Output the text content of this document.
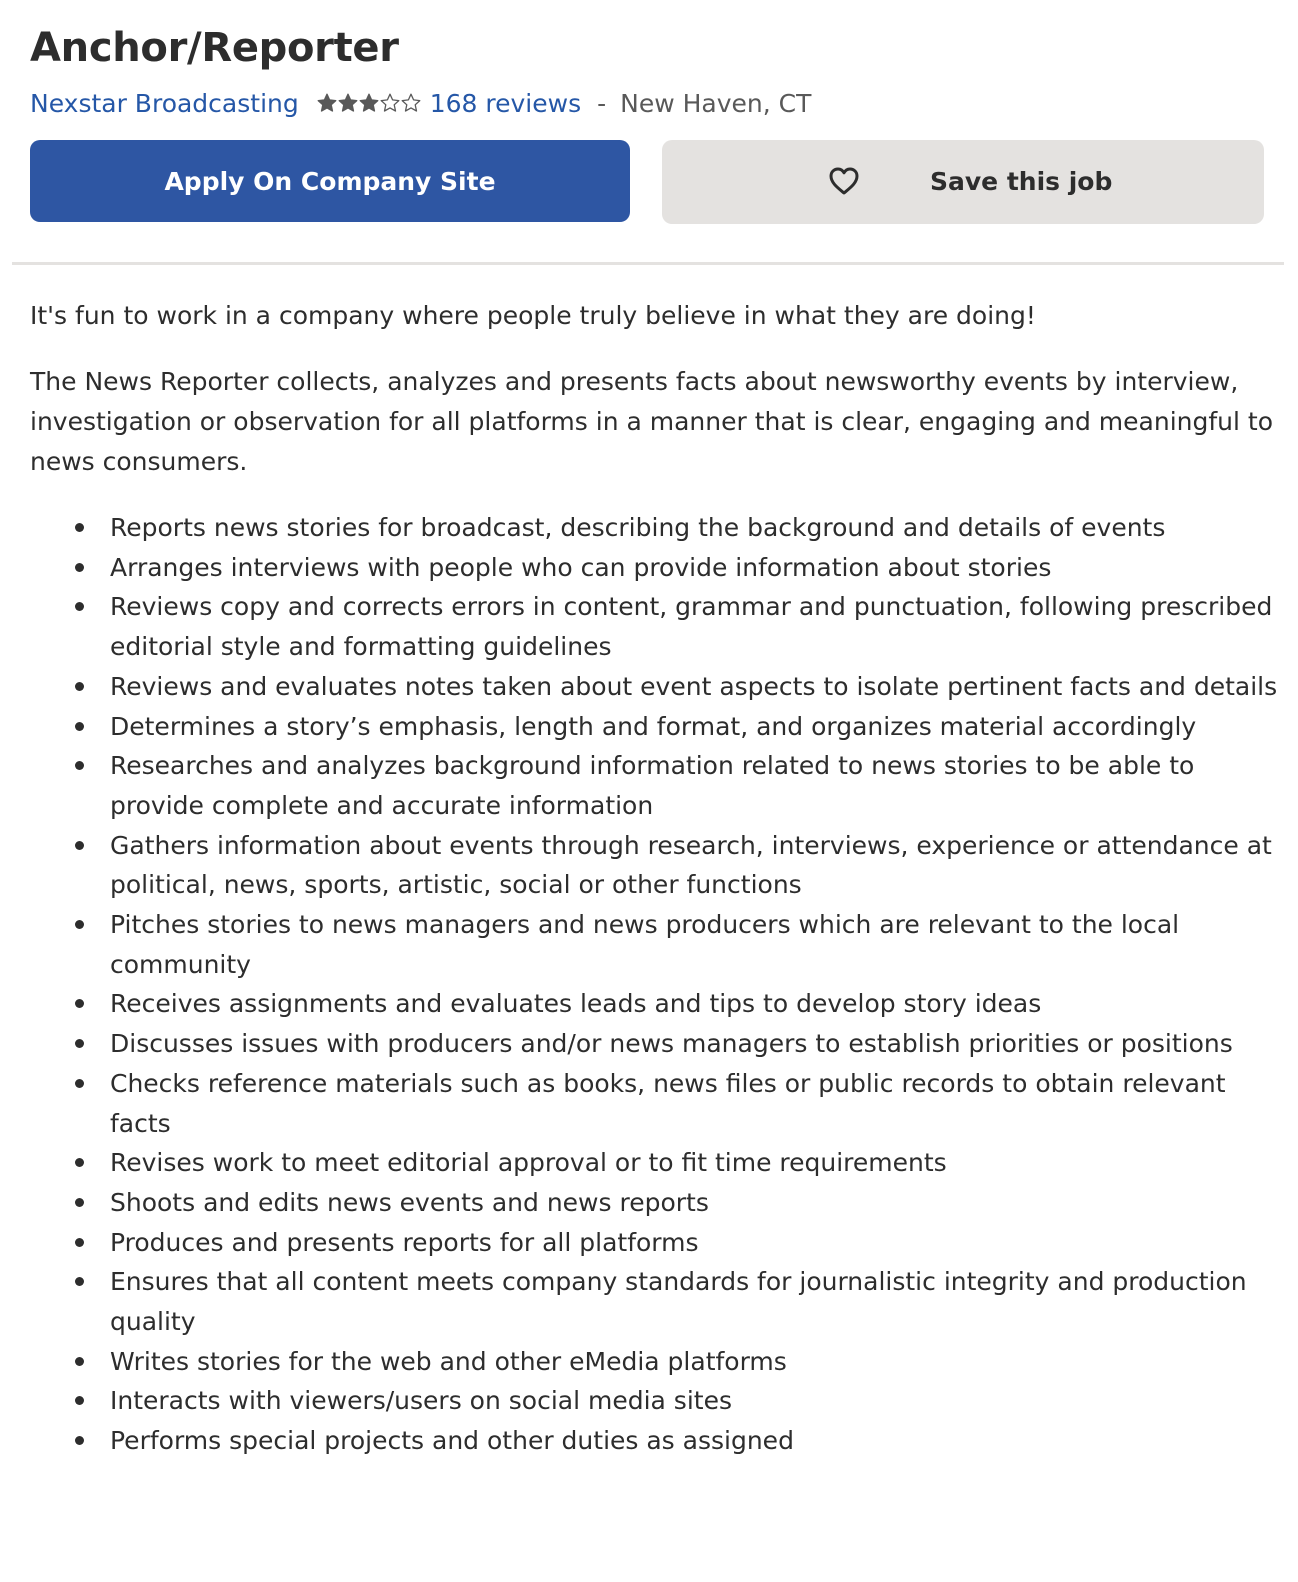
Anchor/Reporter
Nexstar Broadcasting	168 reviews - New Haven, CT
Apply On Company Site	Save this job

It's fun to work in a company where people truly believe in what they are doing!

The News Reporter collects, analyzes and presents facts about newsworthy events by interview, investigation or observation for all platforms in a manner that is clear, engaging and meaningful to news consumers.

Reports news stories for broadcast, describing the background and details of events
Arranges interviews with people who can provide information about stories
Reviews copy and corrects errors in content, grammar and punctuation, following prescribed editorial style and formatting guidelines
Reviews and evaluates notes taken about event aspects to isolate pertinent facts and details
Determines a story’s emphasis, length and format, and organizes material accordingly
Researches and analyzes background information related to news stories to be able to provide complete and accurate information
Gathers information about events through research, interviews, experience or attendance at political, news, sports, artistic, social or other functions
Pitches stories to news managers and news producers which are relevant to the local community
Receives assignments and evaluates leads and tips to develop story ideas
Discusses issues with producers and/or news managers to establish priorities or positions
Checks reference materials such as books, news files or public records to obtain relevant facts
Revises work to meet editorial approval or to fit time requirements
Shoots and edits news events and news reports
Produces and presents reports for all platforms
Ensures that all content meets company standards for journalistic integrity and production quality
Writes stories for the web and other eMedia platforms
Interacts with viewers/users on social media sites
Performs special projects and other duties as assigned
